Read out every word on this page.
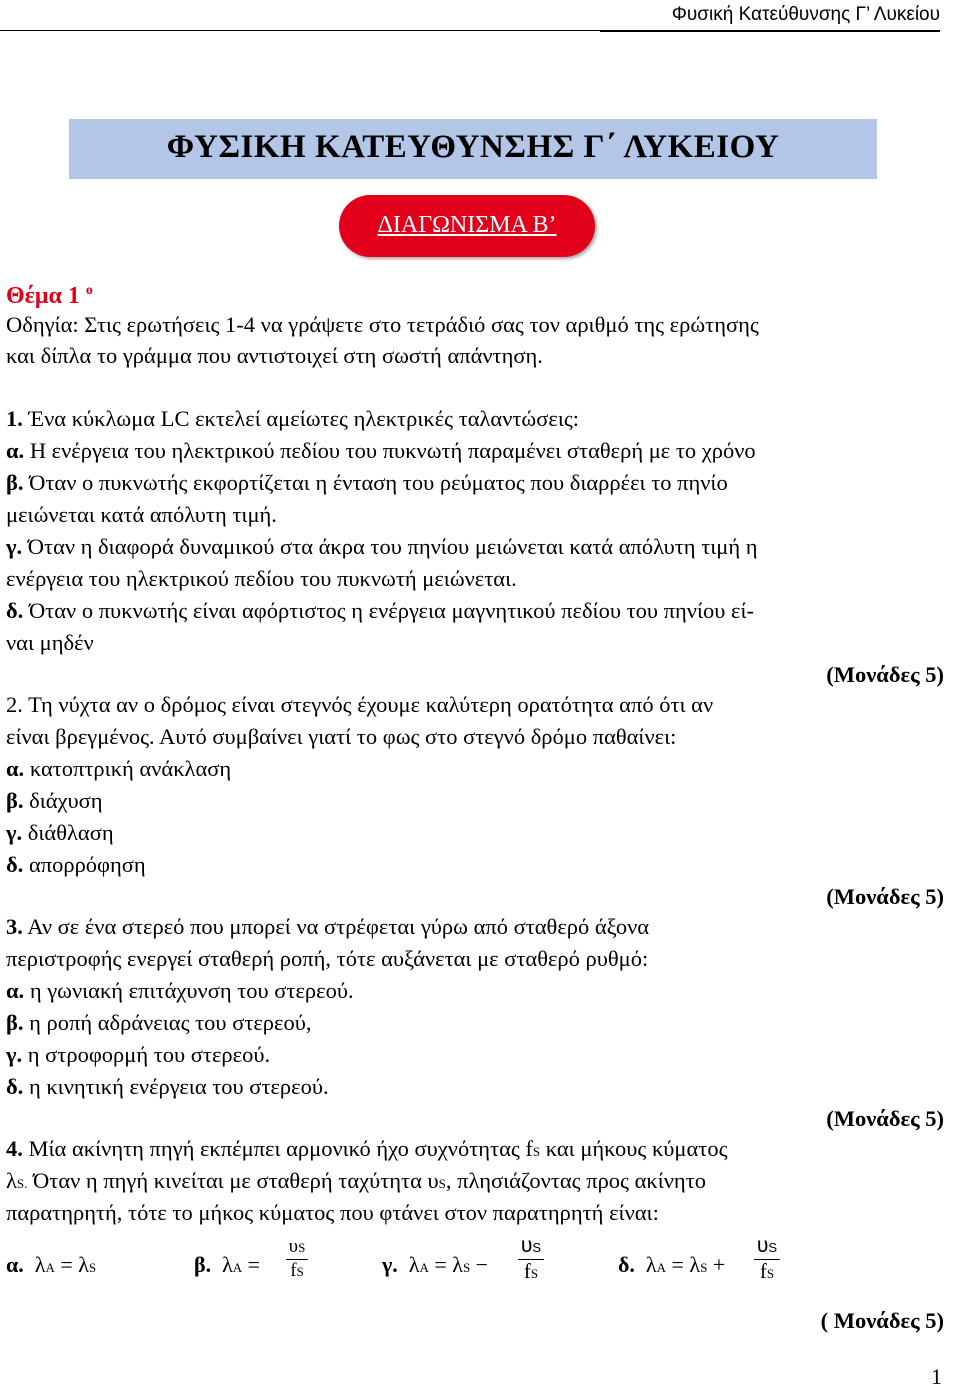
Φυσική Κατεύθυνσης Γ’ Λυκείου
ΦΥΣΙΚΗ ΚΑΤΕΥΘΥΝΣΗΣ Γ΄ ΛΥΚΕΙΟΥ
ΔΙΑΓΩΝΙΣΜΑ Β’
Θέμα 1 $^o$
Οδηγία: Στις ερωτήσεις 1-4 να γράψετε στο τετράδιό σας τον αριθμό της ερώτησης
και δίπλα το γράμμα που αντιστοιχεί στη σωστή απάντηση.
1. Ένα κύκλωμα LC εκτελεί αμείωτες ηλεκτρικές ταλαντώσεις:
α. Η ενέργεια του ηλεκτρικού πεδίου του πυκνωτή παραμένει σταθερή με το χρόνο
β. Όταν ο πυκνωτής εκφορτίζεται η ένταση του ρεύματος που διαρρέει το πηνίο
μειώνεται κατά απόλυτη τιμή.
γ. Όταν η διαφορά δυναμικού στα άκρα του πηνίου μειώνεται κατά απόλυτη τιμή η
ενέργεια του ηλεκτρικού πεδίου του πυκνωτή μειώνεται.
δ. Όταν ο πυκνωτής είναι αφόρτιστος η ενέργεια μαγνητικού πεδίου του πηνίου εί-
ναι μηδέν
(Μονάδες 5)
2. Τη νύχτα αν ο δρόμος είναι στεγνός έχουμε καλύτερη ορατότητα από ότι αν
είναι βρεγμένος. Αυτό συμβαίνει γιατί το φως στο στεγνό δρόμο παθαίνει:
α. κατοπτρική ανάκλαση
β. διάχυση
γ. διάθλαση
δ. απορρόφηση
(Μονάδες 5)
3. Αν σε ένα στερεό που μπορεί να στρέφεται γύρω από σταθερό άξονα
περιστροφής ενεργεί σταθερή ροπή, τότε αυξάνεται με σταθερό ρυθμό:
α. η γωνιακή επιτάχυνση του στερεού.
β. η ροπή αδράνειας του στερεού,
γ. η στροφορμή του στερεού.
δ. η κινητική ενέργεια του στερεού.
(Μονάδες 5)
4. Μία ακίνητη πηγή εκπέμπει αρμονικό ήχο συχνότητας fS και μήκους κύματος
λS. Όταν η πηγή κινείται με σταθερή ταχύτητα υS, πλησιάζοντας προς ακίνητο
παρατηρητή, τότε το μήκος κύματος που φτάνει στον παρατηρητή είναι:
α. λA = λS	β. λA =
υS
fS	γ. λA = λS −
υS
fS	δ. λA = λS +
υS
fS
( Μονάδες 5)
1
